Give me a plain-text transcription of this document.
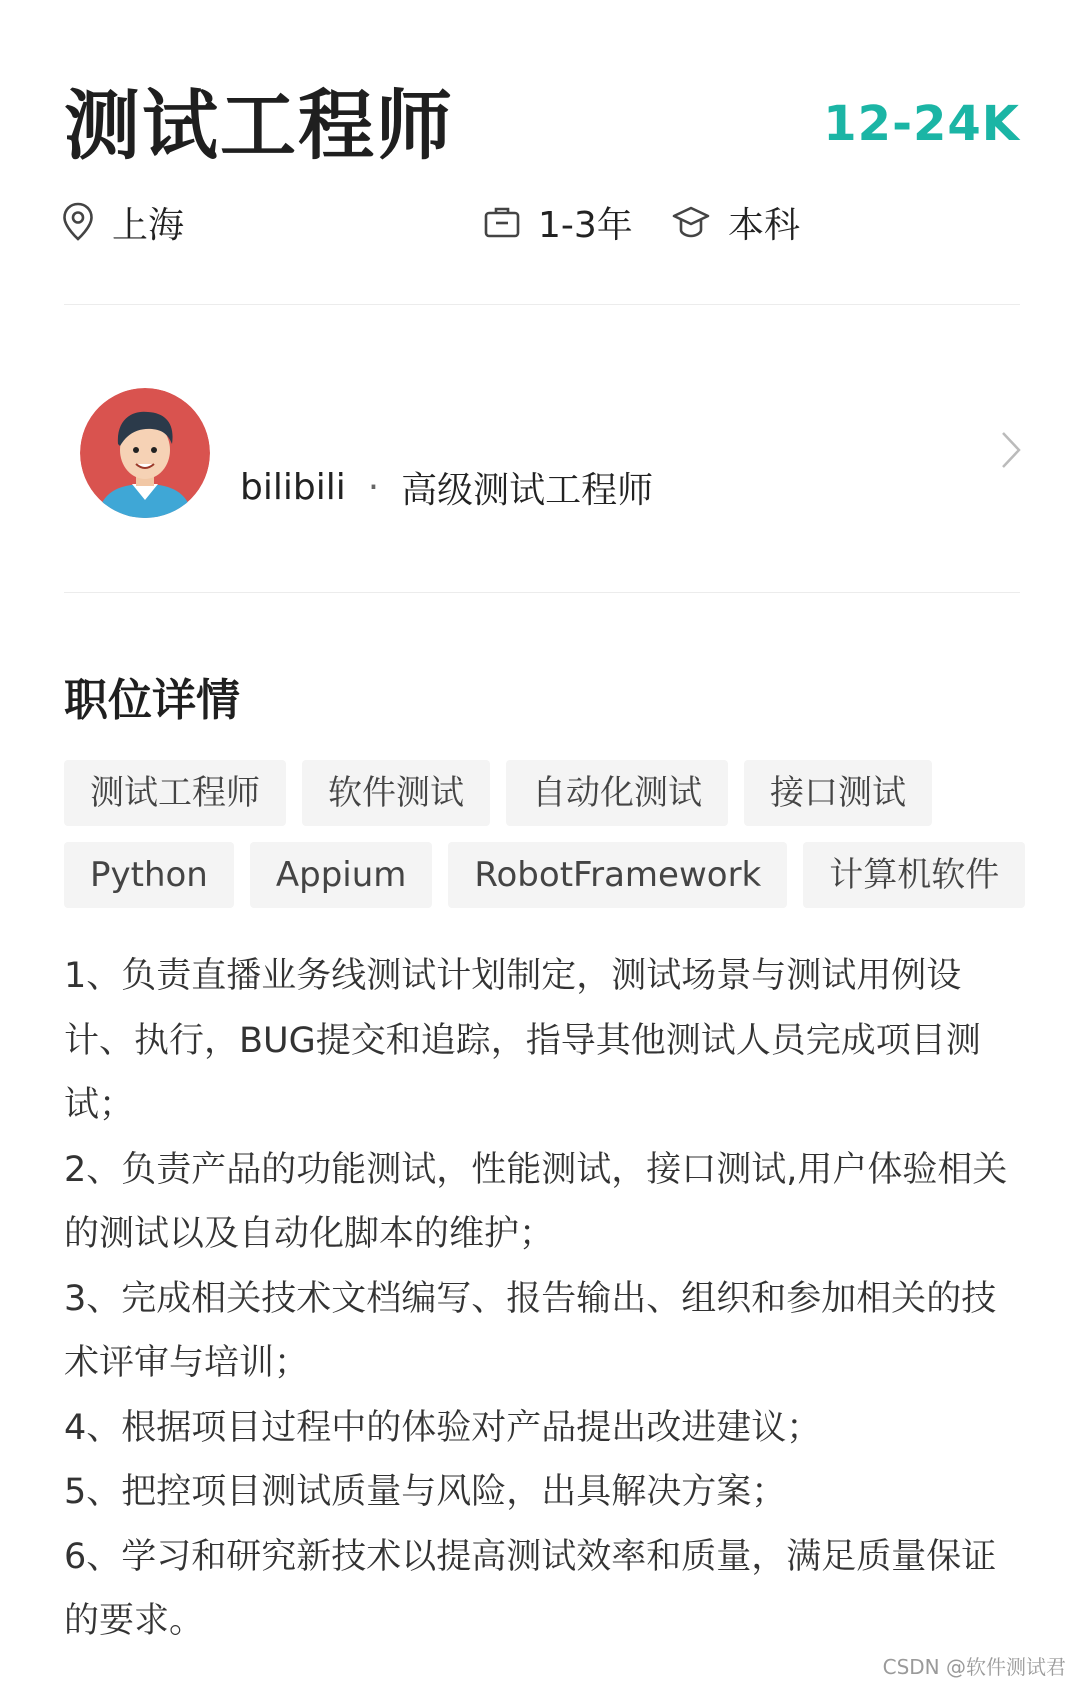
测试工程师	12-24K
上海	1-3年	本科
bilibili · 高级测试工程师
职位详情
测试工程师	软件测试	自动化测试	接口测试
Python	Appium	RobotFramework	计算机软件

1、负责直播业务线测试计划制定，测试场景与测试用例设计、执行，BUG提交和追踪，指导其他测试人员完成项目测试；

2、负责产品的功能测试，性能测试，接口测试,用户体验相关的测试以及自动化脚本的维护；

3、完成相关技术文档编写、报告输出、组织和参加相关的技术评审与培训；

4、根据项目过程中的体验对产品提出改进建议；

5、把控项目测试质量与风险，出具解决方案；

6、学习和研究新技术以提高测试效率和质量，满足质量保证的要求。

CSDN @软件测试君
